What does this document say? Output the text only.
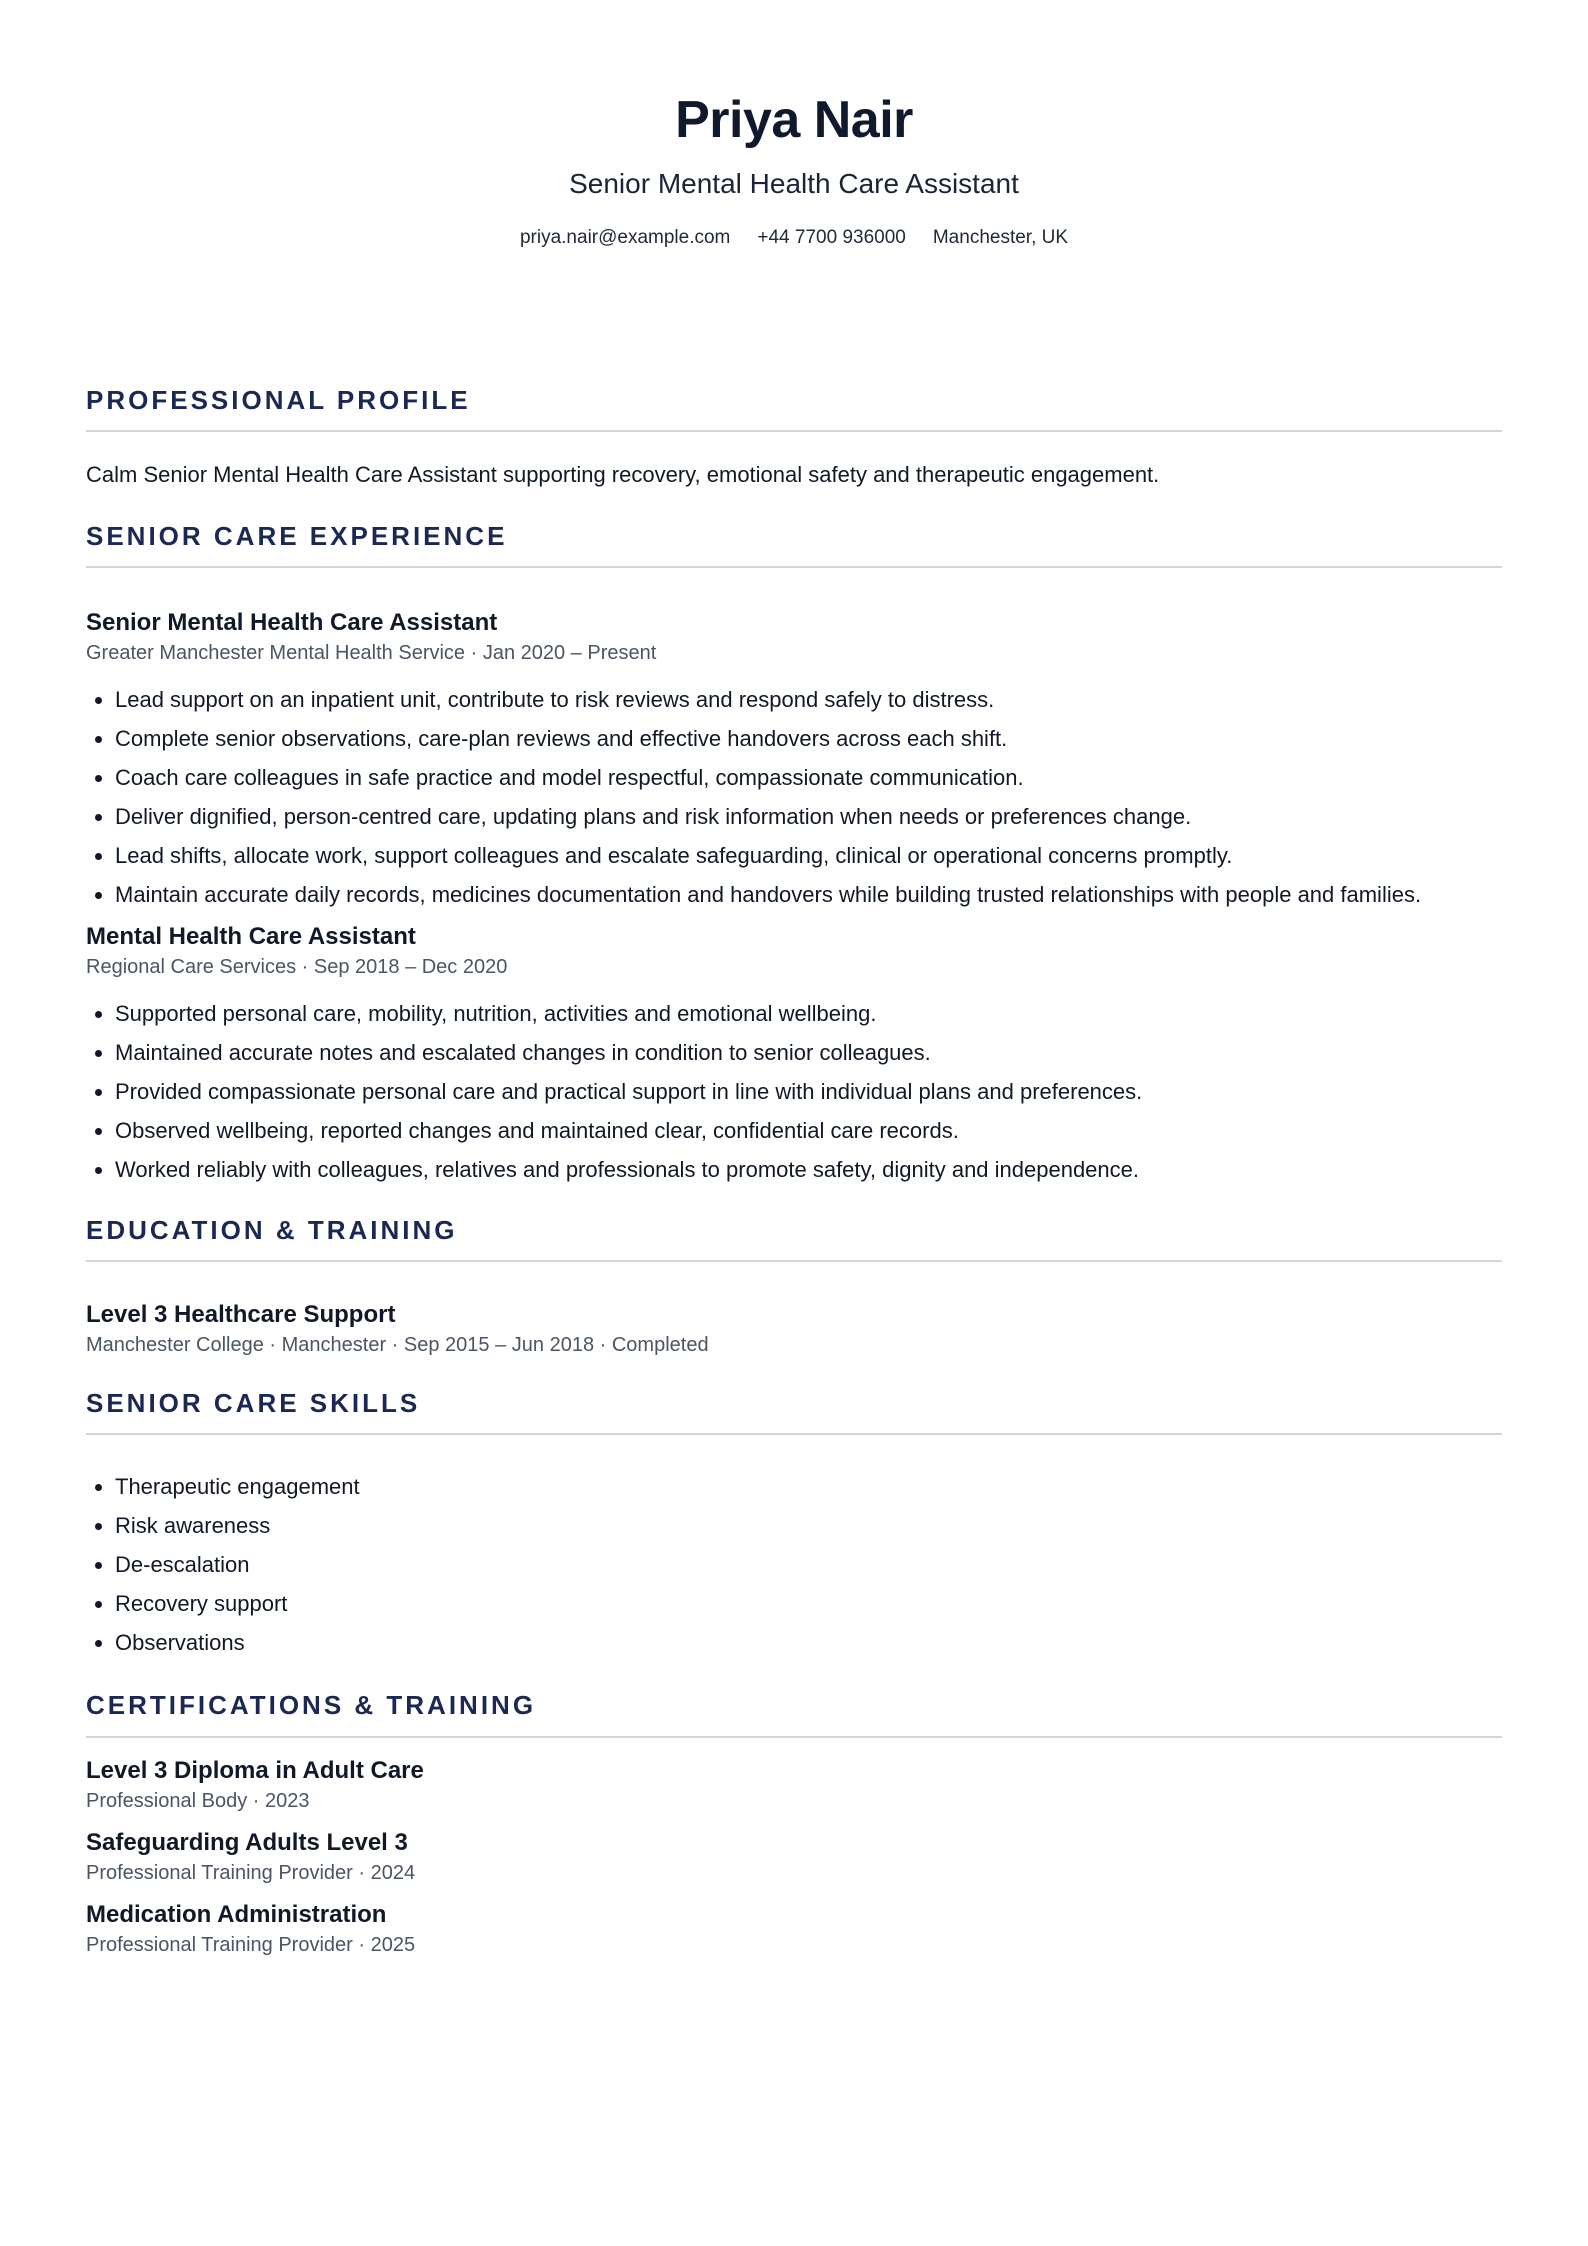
Priya Nair
Senior Mental Health Care Assistant
priya.nair@example.com +44 7700 936000 Manchester, UK
PROFESSIONAL PROFILE

Calm Senior Mental Health Care Assistant supporting recovery, emotional safety and therapeutic engagement.

SENIOR CARE EXPERIENCE
Senior Mental Health Care Assistant

Greater Manchester Mental Health Service · Jan 2020 – Present

• Lead support on an inpatient unit, contribute to risk reviews and respond safely to distress.
• Complete senior observations, care-plan reviews and effective handovers across each shift.
• Coach care colleagues in safe practice and model respectful, compassionate communication.
• Deliver dignified, person-centred care, updating plans and risk information when needs or preferences change.
• Lead shifts, allocate work, support colleagues and escalate safeguarding, clinical or operational concerns promptly.
• Maintain accurate daily records, medicines documentation and handovers while building trusted relationships with people and families.
Mental Health Care Assistant

Regional Care Services · Sep 2018 – Dec 2020

• Supported personal care, mobility, nutrition, activities and emotional wellbeing.
• Maintained accurate notes and escalated changes in condition to senior colleagues.
• Provided compassionate personal care and practical support in line with individual plans and preferences.
• Observed wellbeing, reported changes and maintained clear, confidential care records.
• Worked reliably with colleagues, relatives and professionals to promote safety, dignity and independence.
EDUCATION & TRAINING
Level 3 Healthcare Support

Manchester College · Manchester · Sep 2015 – Jun 2018 · Completed

SENIOR CARE SKILLS
• Therapeutic engagement
• Risk awareness
• De-escalation
• Recovery support
• Observations
CERTIFICATIONS & TRAINING
Level 3 Diploma in Adult Care

Professional Body · 2023

Safeguarding Adults Level 3

Professional Training Provider · 2024

Medication Administration

Professional Training Provider · 2025
